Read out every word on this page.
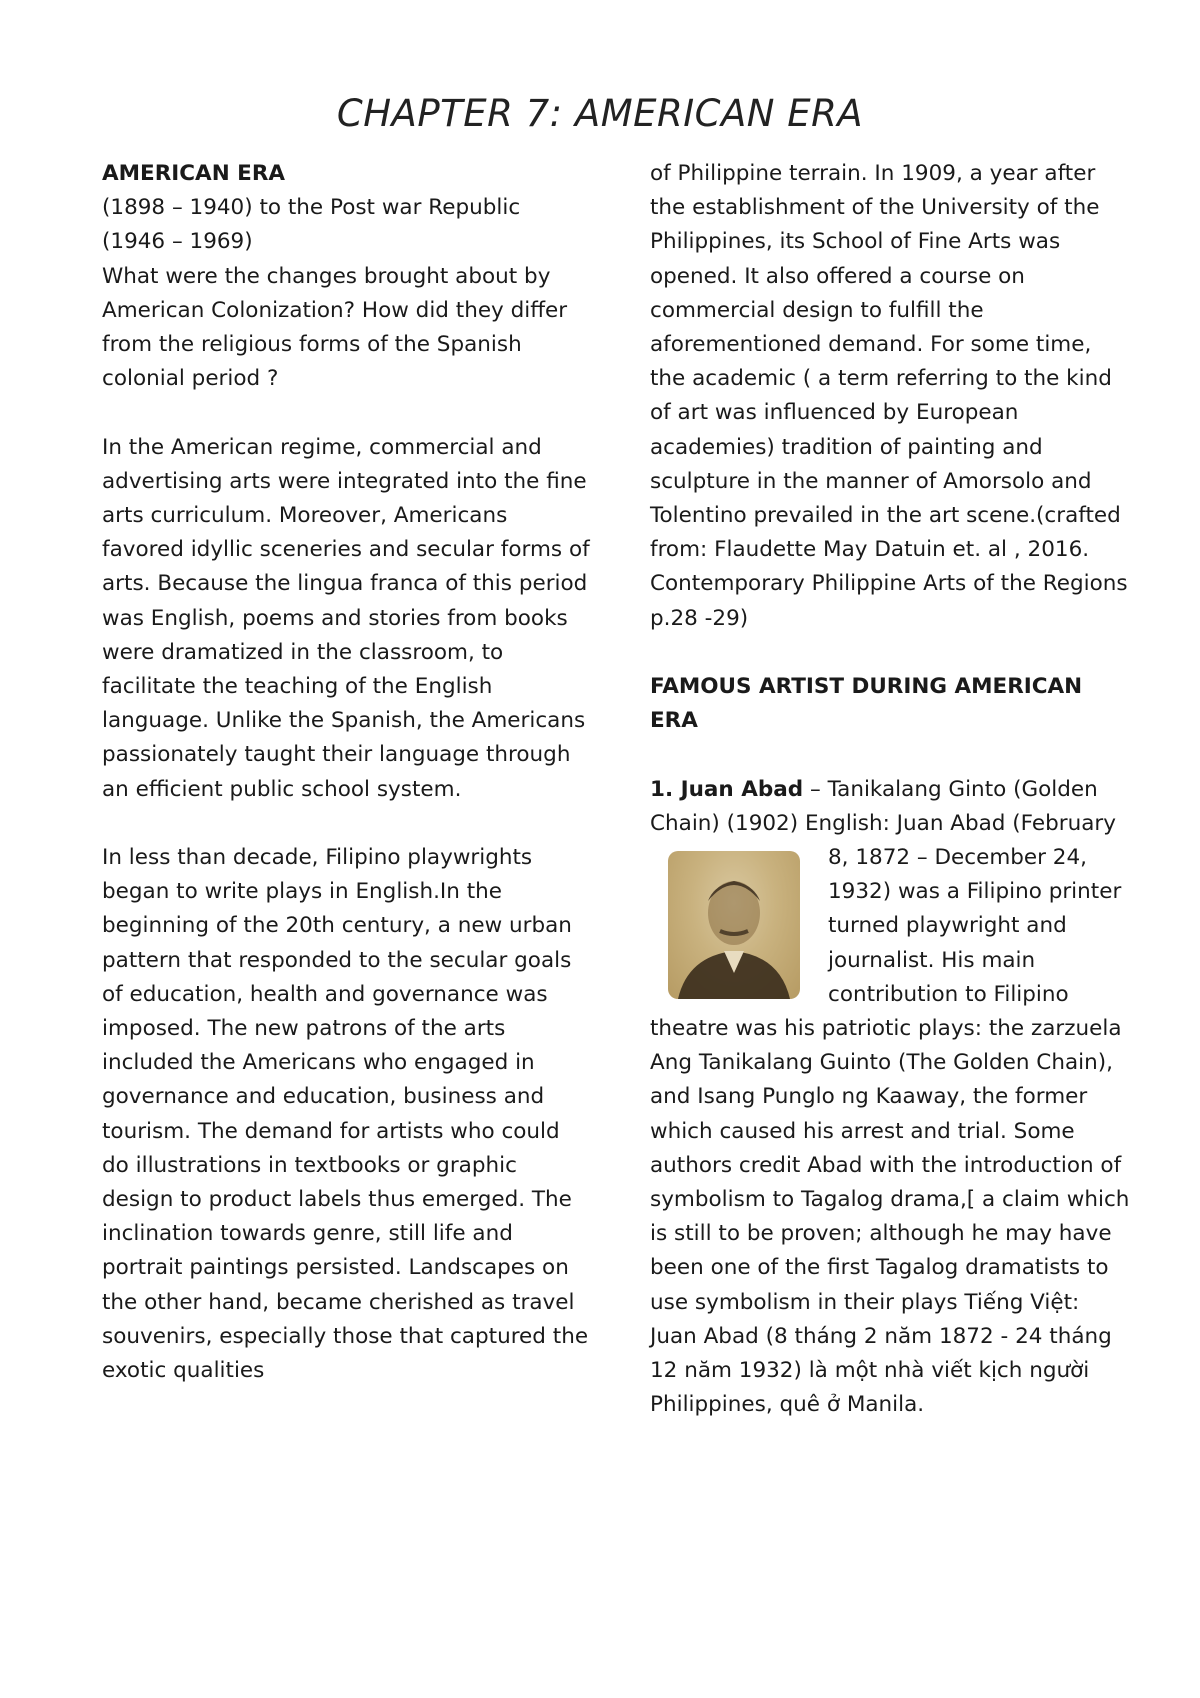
CHAPTER 7: AMERICAN ERA

AMERICAN ERA

(1898 – 1940) to the Post war Republic

(1946 – 1969)

What were the changes brought about by American Colonization? How did they differ from the religious forms of the Spanish colonial period ?

In the American regime, commercial and advertising arts were integrated into the fine arts curriculum. Moreover, Americans favored idyllic sceneries and secular forms of arts. Because the lingua franca of this period was English, poems and stories from books were dramatized in the classroom, to facilitate the teaching of the English language. Unlike the Spanish, the Americans passionately taught their language through an efficient public school system.

In less than decade, Filipino playwrights began to write plays in English.In the beginning of the 20th century, a new urban pattern that responded to the secular goals of education, health and governance was imposed. The new patrons of the arts included the Americans who engaged in governance and education, business and tourism. The demand for artists who could do illustrations in textbooks or graphic design to product labels thus emerged. The inclination towards genre, still life and portrait paintings persisted. Landscapes on the other hand, became cherished as travel souvenirs, especially those that captured the exotic qualities

of Philippine terrain. In 1909, a year after the establishment of the University of the Philippines, its School of Fine Arts was opened. It also offered a course on commercial design to fulfill the aforementioned demand. For some time, the academic ( a term referring to the kind of art was influenced by European academies) tradition of painting and sculpture in the manner of Amorsolo and Tolentino prevailed in the art scene.(crafted from: Flaudette May Datuin et. al , 2016. Contemporary Philippine Arts of the Regions p.28 -29)

FAMOUS ARTIST DURING AMERICAN

ERA

1. Juan Abad – Tanikalang Ginto (Golden Chain) (1902) English: Juan Abad (February

8, 1872 – December 24, 1932) was a Filipino printer turned playwright and journalist. His main contribution to Filipino theatre was his patriotic plays: the zarzuela Ang Tanikalang Guinto (The Golden Chain), and Isang Punglo ng Kaaway, the former which caused his arrest and trial. Some authors credit Abad with the introduction of symbolism to Tagalog drama,[ a claim which is still to be proven; although he may have been one of the first Tagalog dramatists to use symbolism in their plays Tiếng Việt: Juan Abad (8 tháng 2 năm 1872 - 24 tháng 12 năm 1932) là một nhà viết kịch người Philippines, quê ở Manila.
